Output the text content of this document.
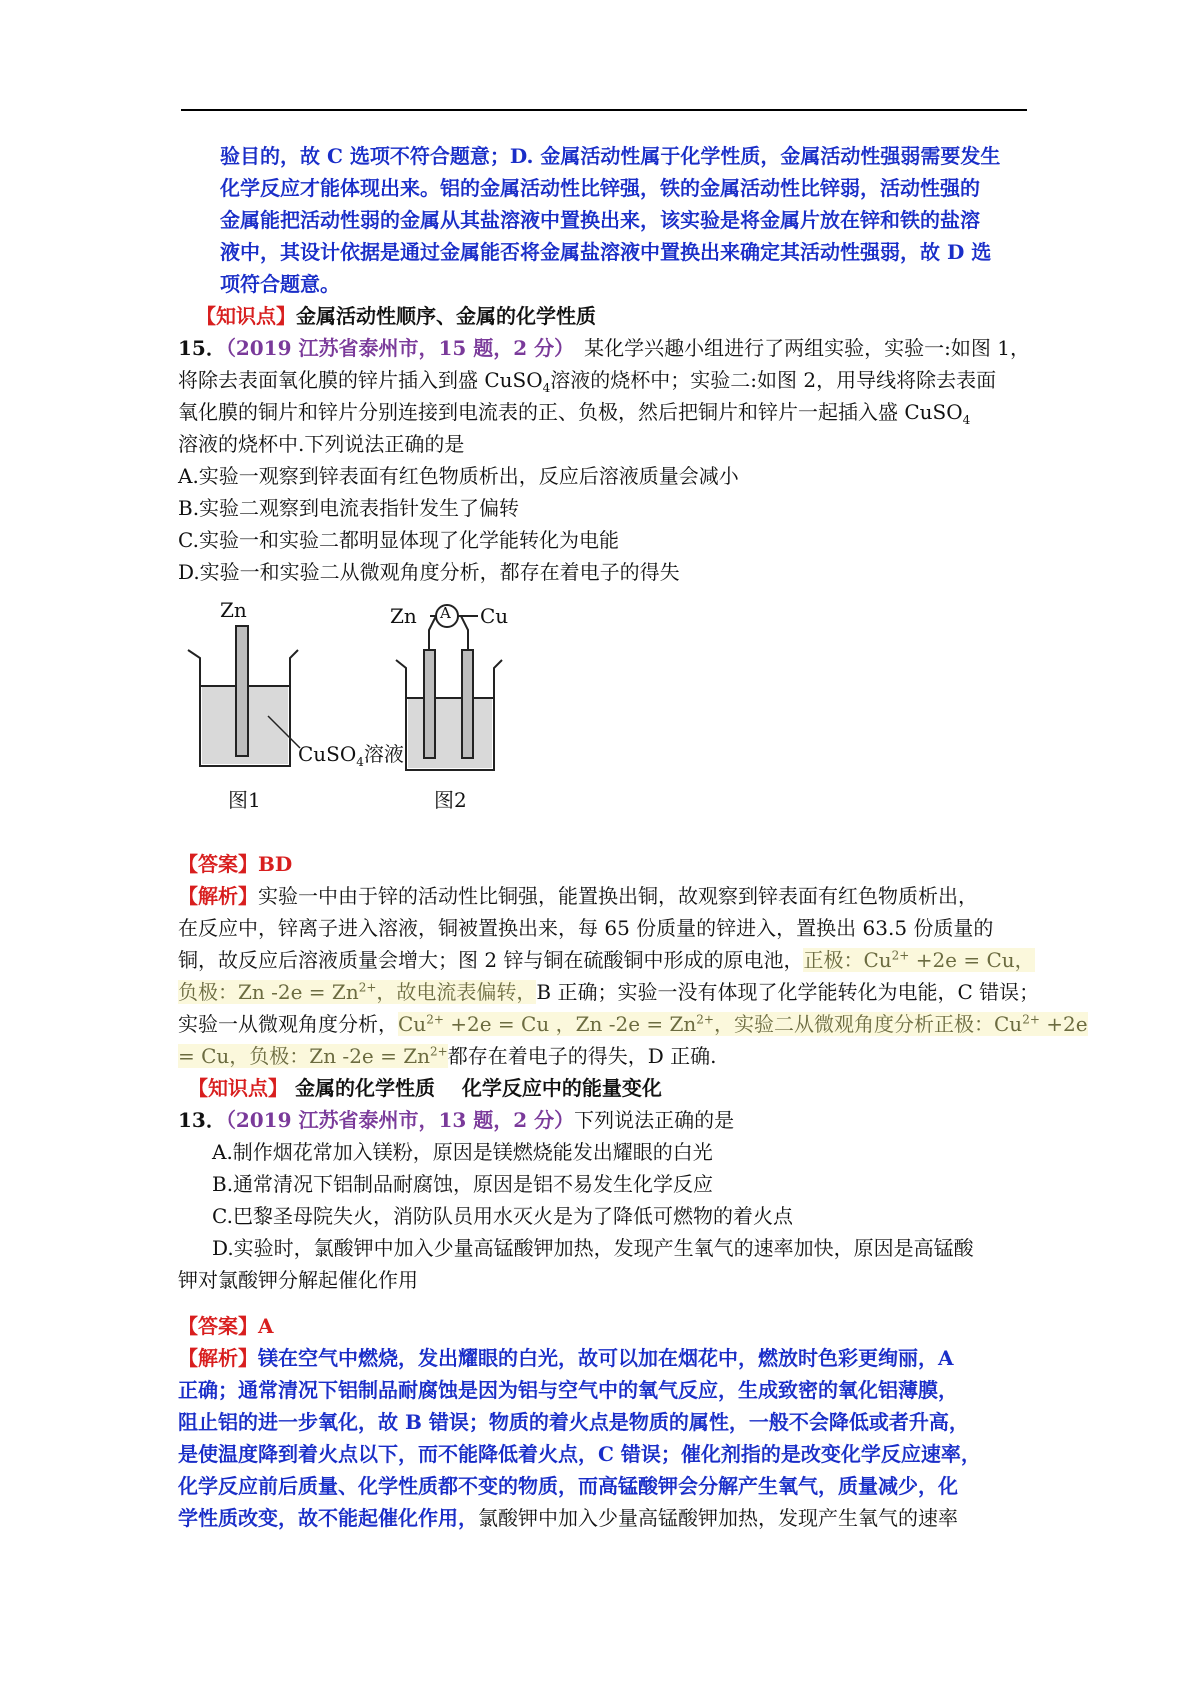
验目的，故 C 选项不符合题意；D. 金属活动性属于化学性质，金属活动性强弱需要发生
化学反应才能体现出来。铝的金属活动性比锌强，铁的金属活动性比锌弱，活动性强的
金属能把活动性弱的金属从其盐溶液中置换出来，该实验是将金属片放在锌和铁的盐溶
液中，其设计依据是通过金属能否将金属盐溶液中置换出来确定其活动性强弱，故 D 选
项符合题意。
【知识点】金属活动性顺序、金属的化学性质
15．（2019 江苏省泰州市，15 题，2 分）　某化学兴趣小组进行了两组实验，实验一:如图 1，
将除去表面氧化膜的锌片插入到盛 CuSO$_4$溶液的烧杯中；实验二:如图 2，用导线将除去表面
氧化膜的铜片和锌片分别连接到电流表的正、负极，然后把铜片和锌片一起插入盛 CuSO$_4$
溶液的烧杯中.下列说法正确的是
A.实验一观察到锌表面有红色物质析出，反应后溶液质量会减小
B.实验二观察到电流表指针发生了偏转
C.实验一和实验二都明显体现了化学能转化为电能
D.实验一和实验二从微观角度分析，都存在着电子的得失
Zn	Zn	Cu
A
CuSO$_4$溶液
图1	图2
【答案】BD
【解析】实验一中由于锌的活动性比铜强，能置换出铜，故观察到锌表面有红色物质析出，
在反应中，锌离子进入溶液，铜被置换出来，每 65 份质量的锌进入，置换出 63.5 份质量的
铜，故反应后溶液质量会增大；图 2 锌与铜在硫酸铜中形成的原电池，正极：$Cu^{2+} +2e = Cu$，
负极：Zn $-2e = Zn^{2+}$，故电流表偏转，B 正确；实验一没有体现了化学能转化为电能，C 错误；
实验一从微观角度分析，$Cu^{2+} +2e = Cu$ ，Zn $-2e = Zn^{2+}$，实验二从微观角度分析正极：$Cu^{2+} +2e$
= Cu，负极：Zn $-2e = Zn^{2+}$都存在着电子的得失，D 正确.
【知识点】 金属的化学性质　 化学反应中的能量变化
13．（2019 江苏省泰州市，13 题，2 分）下列说法正确的是
A.制作烟花常加入镁粉，原因是镁燃烧能发出耀眼的白光
B.通常清况下铝制品耐腐蚀，原因是铝不易发生化学反应
C.巴黎圣母院失火，消防队员用水灭火是为了降低可燃物的着火点
D.实验时，氯酸钾中加入少量高锰酸钾加热，发现产生氧气的速率加快，原因是高锰酸
钾对氯酸钾分解起催化作用
【答案】A
【解析】镁在空气中燃烧，发出耀眼的白光，故可以加在烟花中，燃放时色彩更绚丽，A
正确；通常清况下铝制品耐腐蚀是因为铝与空气中的氧气反应，生成致密的氧化铝薄膜，
阻止铝的进一步氧化，故 B 错误；物质的着火点是物质的属性，一般不会降低或者升高，
是使温度降到着火点以下，而不能降低着火点，C 错误；催化剂指的是改变化学反应速率，
化学反应前后质量、化学性质都不变的物质，而高锰酸钾会分解产生氧气，质量减少，化
学性质改变，故不能起催化作用，氯酸钾中加入少量高锰酸钾加热，发现产生氧气的速率
